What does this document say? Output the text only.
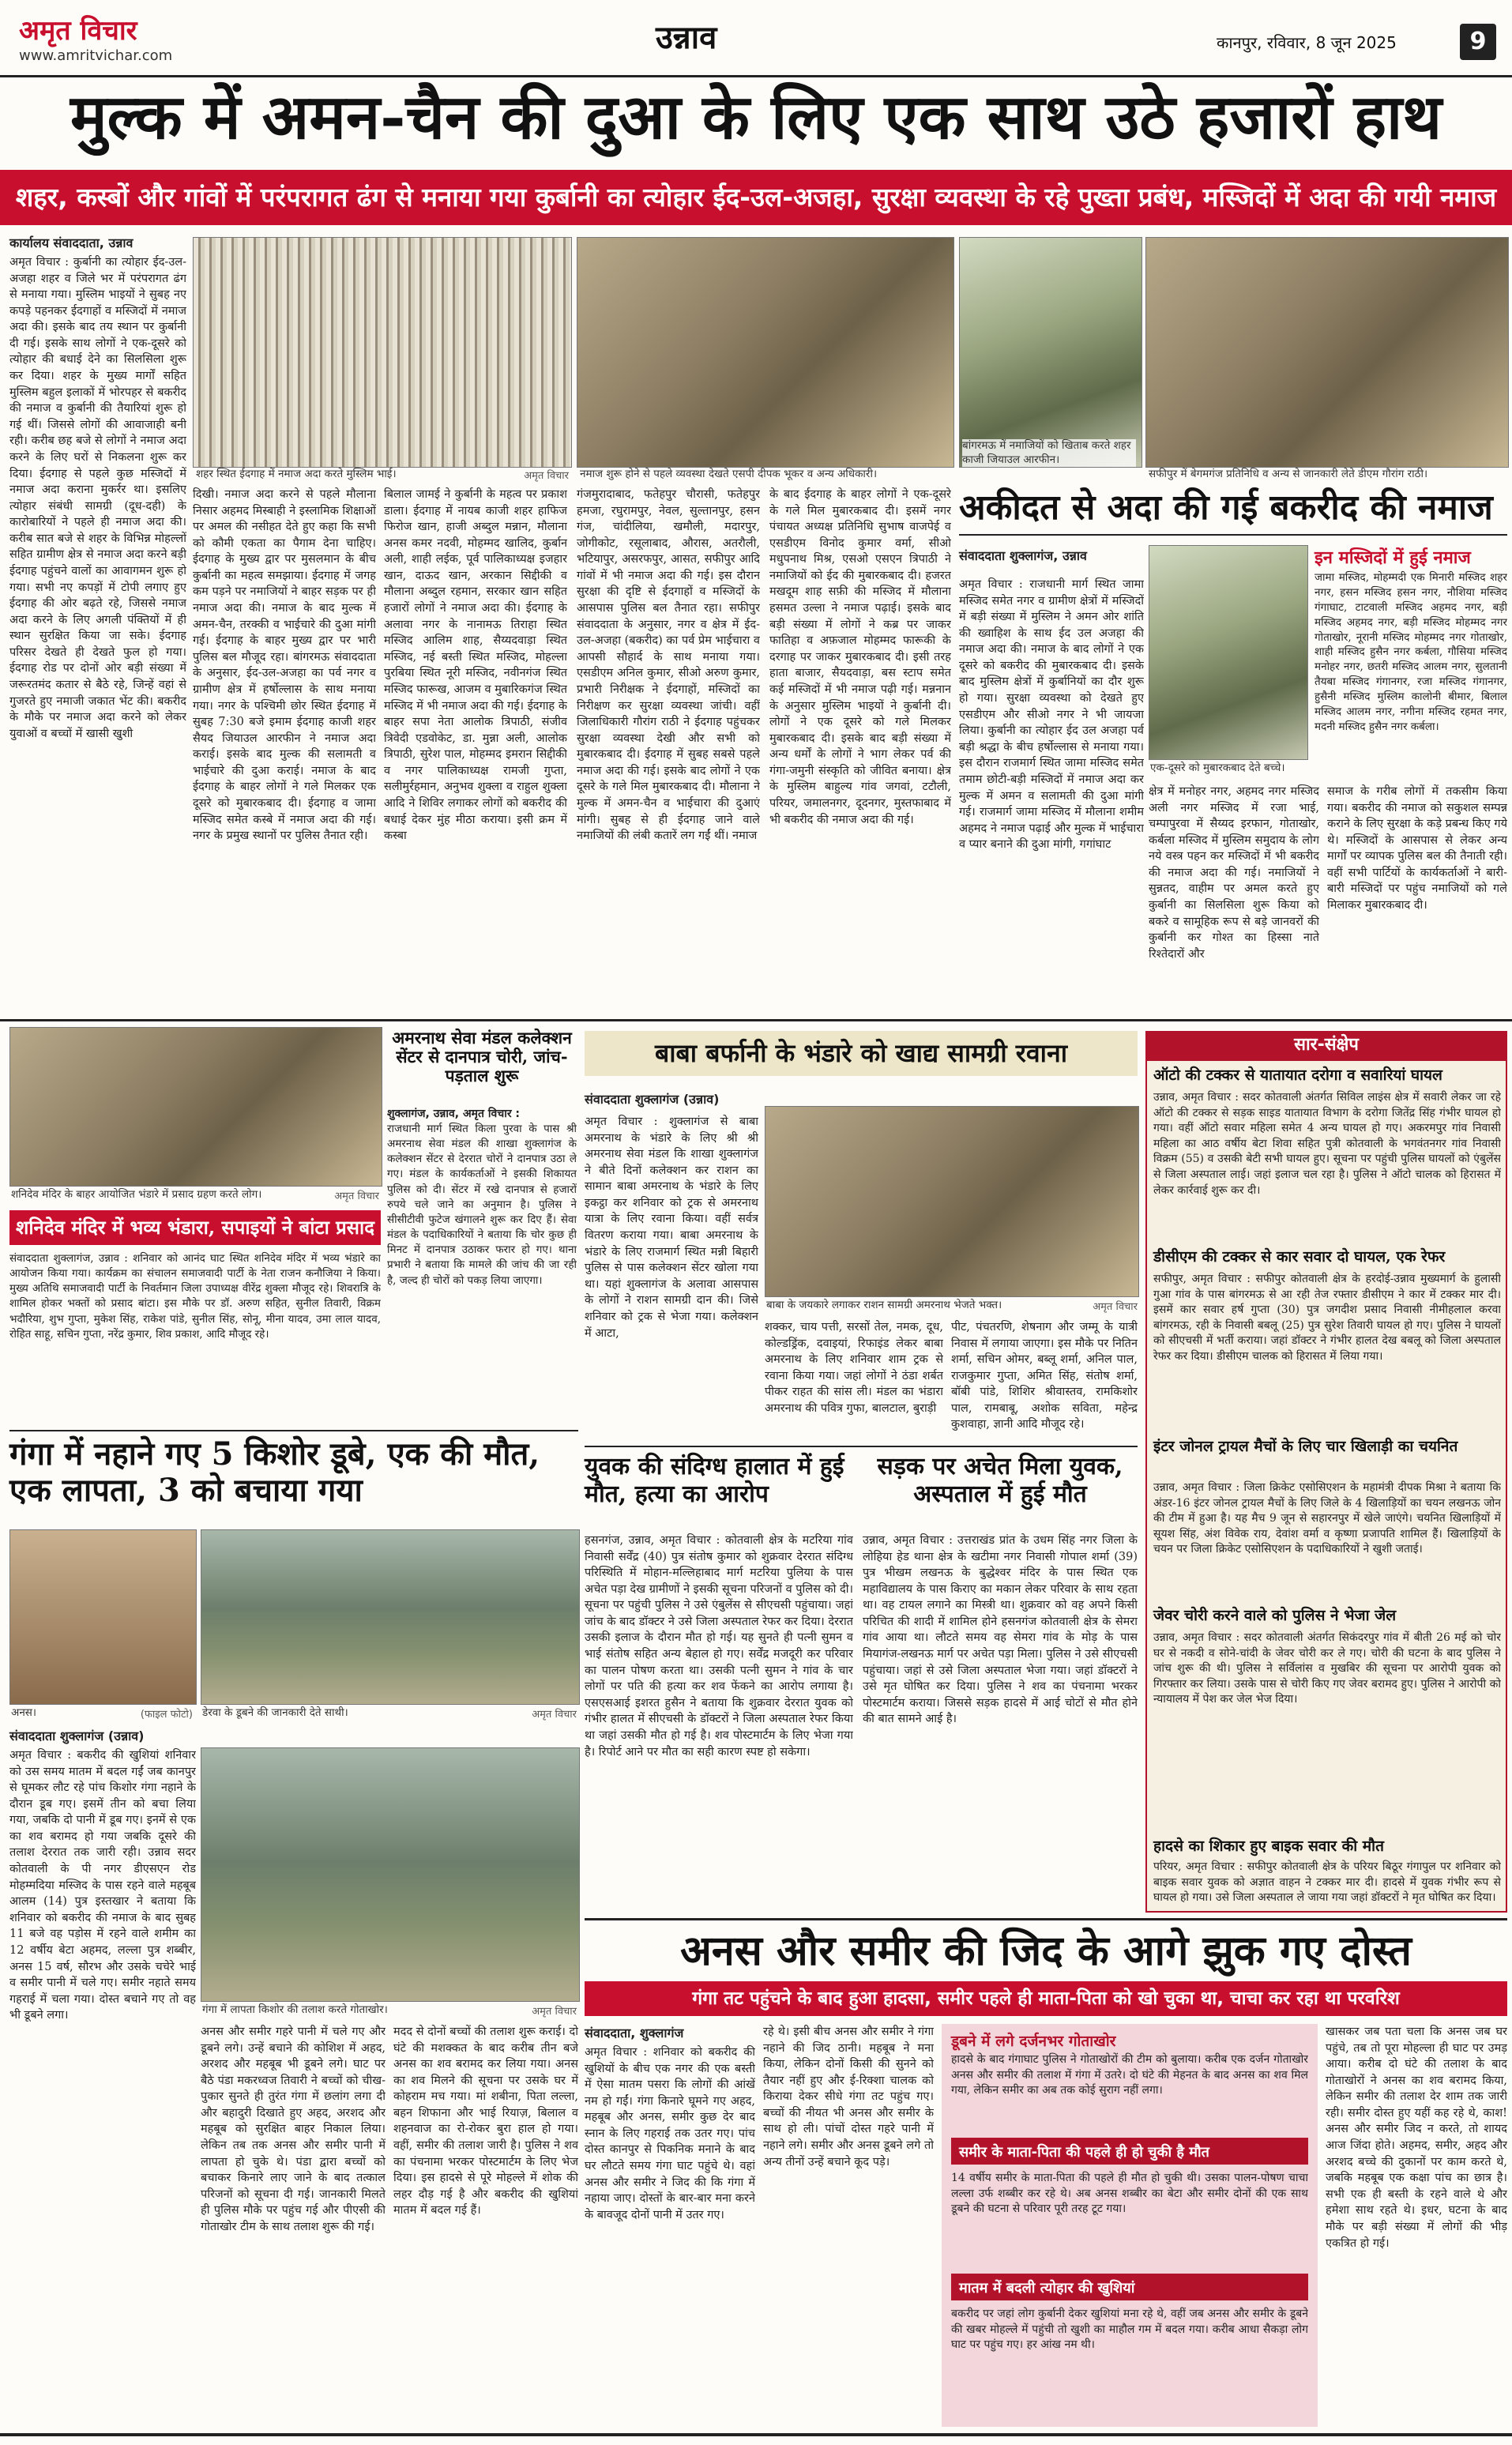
अमृत विचार
www.amritvichar.com	उन्नाव	कानपुर, रविवार, 8 जून 2025	9
मुल्क में अमन-चैन की दुआ के लिए एक साथ उठे हजारों हाथ
शहर, कस्बों और गांवों में परंपरागत ढंग से मनाया गया कुर्बानी का त्योहार ईद-उल-अजहा, सुरक्षा व्यवस्था के रहे पुख्ता प्रबंध, मस्जिदों में अदा की गयी नमाज
कार्यालय संवाददाता, उन्नाव
अमृत विचार : कुर्बानी का त्योहार ईद-उल-अजहा शहर व जिले भर में परंपरागत ढंग से मनाया गया। मुस्लिम भाइयों ने सुबह नए कपड़े पहनकर ईदगाहों व मस्जिदों में नमाज अदा की। इसके बाद तय स्थान पर कुर्बानी दी गई। इसके साथ लोगों ने एक-दूसरे को त्योहार की बधाई देने का सिलसिला शुरू कर दिया। शहर के मुख्य मार्गों सहित मुस्लिम बहुल इलाकों में भोरपहर से बकरीद की नमाज व कुर्बानी की तैयारियां शुरू हो गई थीं। जिससे लोगों की आवाजाही बनी रही। करीब छह बजे से लोगों ने नमाज अदा करने के लिए घरों से निकलना शुरू कर दिया। ईदगाह से पहले कुछ मस्जिदों में नमाज अदा कराना मुकर्रर था। इसलिए त्योहार संबंधी सामग्री (दूध-दही) के कारोबारियों ने पहले ही नमाज अदा की। करीब सात बजे से शहर के विभिन्न मोहल्लों सहित ग्रामीण क्षेत्र से नमाज अदा करने बड़ी ईदगाह पहुंचने वालों का आवागमन शुरू हो गया। सभी नए कपड़ों में टोपी लगाए हुए ईदगाह की ओर बढ़ते रहे, जिससे नमाज अदा करने के लिए अगली पंक्तियों में ही स्थान सुरक्षित किया जा सके। ईदगाह परिसर देखते ही देखते फुल हो गया। ईदगाह रोड पर दोनों ओर बड़ी संख्या में जरूरतमंद कतार से बैठे रहे, जिन्हें वहां से गुजरते हुए नमाजी जकात भेंट की। बकरीद के मौके पर नमाज अदा करने को लेकर युवाओं व बच्चों में खासी खुशी
शहर स्थित ईदगाह में नमाज अदा करते मुस्लिम भाई।	अमृत विचार नमाज शुरू होने से पहले व्यवस्था देखते एसपी दीपक भूकर व अन्य अधिकारी।
बांगरमऊ में नमाजियों को खिताब करते शहर काजी जियाउल आरफीन।
सफीपुर में बेगमगंज प्रतिनिधि व अन्य से जानकारी लेते डीएम गौरांग राठी।
दिखी। नमाज अदा करने से पहले मौलाना निसार अहमद मिस्बाही ने इस्लामिक शिक्षाओं पर अमल की नसीहत देते हुए कहा कि सभी को कौमी एकता का पैगाम देना चाहिए। ईदगाह के मुख्य द्वार पर मुसलमान के बीच कुर्बानी का महत्व समझाया। ईदगाह में जगह कम पड़ने पर नमाजियों ने बाहर सड़क पर ही नमाज अदा की। नमाज के बाद मुल्क में अमन-चैन, तरक्की व भाईचारे की दुआ मांगी गई। ईदगाह के बाहर मुख्य द्वार पर भारी पुलिस बल मौजूद रहा। बांगरमऊ संवाददाता के अनुसार, ईद-उल-अजहा का पर्व नगर व ग्रामीण क्षेत्र में हर्षोल्लास के साथ मनाया गया। नगर के पश्चिमी छोर स्थित ईदगाह में सुबह 7:30 बजे इमाम ईदगाह काजी शहर सैयद जियाउल आरफीन ने नमाज अदा कराई। इसके बाद मुल्क की सलामती व भाईचारे की दुआ कराई। नमाज के बाद ईदगाह के बाहर लोगों ने गले मिलकर एक दूसरे को मुबारकबाद दी। ईदगाह व जामा मस्जिद समेत कस्बे में नमाज अदा की गई। नगर के प्रमुख स्थानों पर पुलिस तैनात रही।
बिलाल जामई ने कुर्बानी के महत्व पर प्रकाश डाला। ईदगाह में नायब काजी शहर हाफिज फिरोज खान, हाजी अब्दुल मन्नान, मौलाना अनस कमर नदवी, मोहम्मद खालिद, कुर्बान अली, शाही लईक, पूर्व पालिकाध्यक्ष इजहार खान, दाऊद खान, अरकान सिद्दीकी व मौलाना अब्दुल रहमान, सरकार खान सहित हजारों लोगों ने नमाज अदा की। ईदगाह के अलावा नगर के नानामऊ तिराहा स्थित मस्जिद आलिम शाह, सैय्यदवाड़ा स्थित मस्जिद, नई बस्ती स्थित मस्जिद, मोहल्ला पुरबिया स्थित नूरी मस्जिद, नवीनगंज स्थित मस्जिद फारूख, आजम व मुबारिकगंज स्थित मस्जिद में भी नमाज अदा की गई। ईदगाह के बाहर सपा नेता आलोक त्रिपाठी, संजीव त्रिवेदी एडवोकेट, डा. मुन्ना अली, आलोक त्रिपाठी, सुरेश पाल, मोहम्मद इमरान सिद्दीकी व नगर पालिकाध्यक्ष रामजी गुप्ता, सलीमुर्रहमान, अनुभव शुक्ला व राहुल शुक्ला आदि ने शिविर लगाकर लोगों को बकरीद की बधाई देकर मुंह मीठा कराया। इसी क्रम में कस्बा
गंजमुरादाबाद, फतेहपुर चौरासी, फतेहपुर हमजा, रघुरामपुर, नेवल, सुल्तानपुर, हसन गंज, चांदीलिया, खमौली, मदारपुर, जोगीकोट, रसूलाबाद, औरास, अतरौली, भटियापुर, असरफपुर, आसत, सफीपुर आदि गांवों में भी नमाज अदा की गई। इस दौरान सुरक्षा की दृष्टि से ईदगाहों व मस्जिदों के आसपास पुलिस बल तैनात रहा। सफीपुर संवाददाता के अनुसार, नगर व क्षेत्र में ईद-उल-अजहा (बकरीद) का पर्व प्रेम भाईचारा व आपसी सौहार्द के साथ मनाया गया। एसडीएम अनिल कुमार, सीओ अरुण कुमार, प्रभारी निरीक्षक ने ईदगाहों, मस्जिदों का निरीक्षण कर सुरक्षा व्यवस्था जांची। वहीं जिलाधिकारी गौरांग राठी ने ईदगाह पहुंचकर सुरक्षा व्यवस्था देखी और सभी को मुबारकबाद दी। ईदगाह में सुबह सबसे पहले नमाज अदा की गई। इसके बाद लोगों ने एक दूसरे के गले मिल मुबारकबाद दी। मौलाना ने मुल्क में अमन-चैन व भाईचारा की दुआएं मांगी। सुबह से ही ईदगाह जाने वाले नमाजियों की लंबी कतारें लग गईं थीं। नमाज
के बाद ईदगाह के बाहर लोगों ने एक-दूसरे के गले मिल मुबारकबाद दी। इसमें नगर पंचायत अध्यक्ष प्रतिनिधि सुभाष वाजपेई व एसडीएम विनोद कुमार वर्मा, सीओ मधुपनाथ मिश्र, एसओ एसएन त्रिपाठी ने नमाजियों को ईद की मुबारकबाद दी। हजरत मखदूम शाह सफ़ी की मस्जिद में मौलाना हसमत उल्ला ने नमाज पढ़ाई। इसके बाद बड़ी संख्या में लोगों ने कब्र पर जाकर फातिहा व अफ़जाल मोहम्मद फारूकी के दरगाह पर जाकर मुबारकबाद दी। इसी तरह हाता बाजार, सैयदवाड़ा, बस स्टाप समेत कई मस्जिदों में भी नमाज पढ़ी गई। मन्ननान के अनुसार मुस्लिम भाइयों ने कुर्बानी दी। लोगों ने एक दूसरे को गले मिलकर मुबारकबाद दी। इसके बाद बड़ी संख्या में अन्य धर्मों के लोगों ने भाग लेकर पर्व की गंगा-जमुनी संस्कृति को जीवित बनाया। क्षेत्र के मुस्लिम बाहुल्य गांव जगवां, टटौली, परियर, जमालनगर, दूदनगर, मुस्तफाबाद में भी बकरीद की नमाज अदा की गई।
अकीदत से अदा की गई बकरीद की नमाज
संवाददाता शुक्लागंज, उन्नाव
अमृत विचार : राजधानी मार्ग स्थित जामा मस्जिद समेत नगर व ग्रामीण क्षेत्रों में मस्जिदों में बड़ी संख्या में मुस्लिम ने अमन ओर शांति की ख्वाहिश के साथ ईद उल अजहा की नमाज अदा की। नमाज के बाद लोगों ने एक दूसरे को बकरीद की मुबारकबाद दी। इसके बाद मुस्लिम क्षेत्रों में कुर्बानियों का दौर शुरू हो गया। सुरक्षा व्यवस्था को देखते हुए एसडीएम और सीओ नगर ने भी जायजा लिया। कुर्बानी का त्योहार ईद उल अजहा पर्व बड़ी श्रद्धा के बीच हर्षोल्लास से मनाया गया। इस दौरान राजमार्ग स्थित जामा मस्जिद समेत तमाम छोटी-बड़ी मस्जिदों में नमाज अदा कर मुल्क में अमन व सलामती की दुआ मांगी गई। राजमार्ग जामा मस्जिद में मौलाना शमीम अहमद ने नमाज पढ़ाई और मुल्क में भाईचारा व प्यार बनाने की दुआ मांगी, गगांघाट
एक-दूसरे को मुबारकबाद देते बच्चे।
इन मस्जिदों में हुई नमाज
जामा मस्जिद, मोहम्मदी एक मिनारी मस्जिद शहर नगर, हसन मस्जिद हसन नगर, नौशिया मस्जिद गंगाघाट, टाटवाली मस्जिद अहमद नगर, बड़ी मस्जिद अहमद नगर, बड़ी मस्जिद मोहम्मद नगर गोताखोर, नूरानी मस्जिद मोहम्मद नगर गोताखोर, शाही मस्जिद हुसैन नगर कर्बला, गौसिया मस्जिद मनोहर नगर, छतरी मस्जिद आलम नगर, सुलतानी तैयबा मस्जिद गंगानगर, रजा मस्जिद गंगानगर, हुसैनी मस्जिद मुस्लिम कालोनी बीमार, बिलाल मस्जिद आलम नगर, नगीना मस्जिद रहमत नगर, मदनी मस्जिद हुसैन नगर कर्बला।
क्षेत्र में मनोहर नगर, अहमद नगर मस्जिद अली नगर मस्जिद में रजा भाई, चम्पापुरवा में सैय्यद इरफान, गोताखोर, कर्बला मस्जिद में मुस्लिम समुदाय के लोग नये वस्त्र पहन कर मस्जिदों में भी बकरीद की नमाज अदा की गई। नमाजियों ने सुन्नतद, वाहीम पर अमल करते हुए कुर्बानी का सिलसिला शुरू किया को बकरे व सामूहिक रूप से बड़े जानवरों की कुर्बानी कर गोश्त का हिस्सा नाते रिश्तेदारों और
समाज के गरीब लोगों में तकसीम किया गया। बकरीद की नमाज को सकुशल सम्पन्न कराने के लिए सुरक्षा के कड़े प्रबन्ध किए गये थे। मस्जिदों के आसपास से लेकर अन्य मार्गों पर व्यापक पुलिस बल की तैनाती रही। वहीं सभी पार्टियों के कार्यकर्ताओं ने बारी-बारी मस्जिदों पर पहुंच नमाजियों को गले मिलाकर मुबारकबाद दी।
शनिदेव मंदिर के बाहर आयोजित भंडारे में प्रसाद ग्रहण करते लोग।	अमृत विचार
अमरनाथ सेवा मंडल कलेक्शन सेंटर से दानपात्र चोरी, जांच-पड़ताल शुरू
शुक्लागंज, उन्नाव, अमृत विचार :
राजधानी मार्ग स्थित किला पुरवा के पास श्री अमरनाथ सेवा मंडल की शाखा शुक्लागंज के कलेक्शन सेंटर से देररात चोरों ने दानपात्र उठा ले गए। मंडल के कार्यकर्ताओं ने इसकी शिकायत पुलिस को दी। सेंटर में रखे दानपात्र से हजारों रुपये चले जाने का अनुमान है। पुलिस ने सीसीटीवी फुटेज खंगालने शुरू कर दिए हैं। सेवा मंडल के पदाधिकारियों ने बताया कि चोर कुछ ही मिनट में दानपात्र उठाकर फरार हो गए। थाना प्रभारी ने बताया कि मामले की जांच की जा रही है, जल्द ही चोरों को पकड़ लिया जाएगा।
शनिदेव मंदिर में भव्य भंडारा, सपाइयों ने बांटा प्रसाद
संवाददाता शुक्लागंज, उन्नाव : शनिवार को आनंद घाट स्थित शनिदेव मंदिर में भव्य भंडारे का आयोजन किया गया। कार्यक्रम का संचालन समाजवादी पार्टी के नेता राजन कनौजिया ने किया। मुख्य अतिथि समाजवादी पार्टी के निवर्तमान जिला उपाध्यक्ष वीरेंद्र शुक्ला मौजूद रहे। शिवरात्रि के शामिल होकर भक्तों को प्रसाद बांटा। इस मौके पर डॉ. अरुण सहित, सुनील तिवारी, विक्रम भदौरिया, शुभ गुप्ता, मुकेश सिंह, राकेश पांडे, सुनील सिंह, सोनू, मीना यादव, उमा लाल यादव, रोहित साहू, सचिन गुप्ता, नरेंद्र कुमार, शिव प्रकाश, आदि मौजूद रहे।
गंगा में नहाने गए 5 किशोर डूबे, एक की मौत, एक लापता, 3 को बचाया गया
अनस।	(फाइल फोटो) डेरवा के डूबने की जानकारी देते साथी।	अमृत विचार
संवाददाता शुक्लागंज (उन्नाव)
अमृत विचार : बकरीद की खुशियां शनिवार को उस समय मातम में बदल गईं जब कानपुर से घूमकर लौट रहे पांच किशोर गंगा नहाने के दौरान डूब गए। इसमें तीन को बचा लिया गया, जबकि दो पानी में डूब गए। इनमें से एक का शव बरामद हो गया जबकि दूसरे की तलाश देररात तक जारी रही। उन्नाव सदर कोतवाली के पी नगर डीएसएन रोड मोहम्मदिया मस्जिद के पास रहने वाले महबूब आलम (14) पुत्र इस्तखार ने बताया कि शनिवार को बकरीद की नमाज के बाद सुबह 11 बजे वह पड़ोस में रहने वाले शमीम का 12 वर्षीय बेटा अहमद, लल्ला पुत्र शब्बीर, अनस 15 वर्ष, सौरभ और उसके चचेरे भाई व समीर पानी में चले गए। समीर नहाते समय गहराई में चला गया। दोस्त बचाने गए तो वह भी डूबने लगा।	गंगा में लापता किशोर की तलाश करते गोताखोर।	अमृत विचार
अनस और समीर गहरे पानी में चले गए और डूबने लगे। उन्हें बचाने की कोशिश में अहद, अरशद और महबूब भी डूबने लगे। घाट पर बैठे पंडा मकरध्वज तिवारी ने बच्चों को चीख-पुकार सुनते ही तुरंत गंगा में छलांग लगा दी और बहादुरी दिखाते हुए अहद, अरशद और महबूब को सुरक्षित बाहर निकाल लिया। लेकिन तब तक अनस और समीर पानी में लापता हो चुके थे। पंडा द्वारा बच्चों को बचाकर किनारे लाए जाने के बाद तत्काल परिजनों को सूचना दी गई। जानकारी मिलते ही पुलिस मौके पर पहुंच गई और पीएसी की गोताखोर टीम के साथ तलाश शुरू की गई।
मदद से दोनों बच्चों की तलाश शुरू कराई। दो घंटे की मशक्कत के बाद करीब तीन बजे अनस का शव बरामद कर लिया गया। अनस का शव मिलने की सूचना पर उसके घर में कोहराम मच गया। मां शबीना, पिता लल्ला, बहन शिफाना और भाई रियाज़, बिलाल व शहनवाज का रो-रोकर बुरा हाल हो गया। वहीं, समीर की तलाश जारी है। पुलिस ने शव का पंचनामा भरकर पोस्टमार्टम के लिए भेज दिया। इस हादसे से पूरे मोहल्ले में शोक की लहर दौड़ गई है और बकरीद की खुशियां मातम में बदल गई हैं।
बाबा बर्फानी के भंडारे को खाद्य सामग्री रवाना
संवाददाता शुक्लागंज (उन्नाव)
अमृत विचार : शुक्लागंज से बाबा अमरनाथ के भंडारे के लिए श्री श्री अमरनाथ सेवा मंडल कि शाखा शुक्लागंज ने बीते दिनों कलेक्शन कर राशन का सामान बाबा अमरनाथ के भंडारे के लिए इकट्ठा कर शनिवार को ट्रक से अमरनाथ यात्रा के लिए रवाना किया। वहीं सर्वत्र वितरण कराया गया। बाबा अमरनाथ के भंडारे के लिए राजमार्ग स्थित मन्नी बिहारी पुलिस से पास कलेक्शन सेंटर खोला गया था। यहां शुक्लागंज के अलावा आसपास के लोगों ने राशन सामग्री दान की। जिसे शनिवार को ट्रक से भेजा गया। कलेक्शन में आटा,
बाबा के जयकारे लगाकर राशन सामग्री अमरनाथ भेजते भक्त।	अमृत विचार
शक्कर, चाय पत्ती, सरसों तेल, नमक, दूध, कोल्डड्रिंक, दवाइयां, रिफाइंड लेकर बाबा अमरनाथ के लिए शनिवार शाम ट्रक से रवाना किया गया। जहां लोगों ने ठंडा शर्बत पीकर राहत की सांस ली। मंडल का भंडारा अमरनाथ की पवित्र गुफा, बालटाल, बुराड़ी
पीट, पंचतरणि, शेषनाग और जम्मू के यात्री निवास में लगाया जाएगा। इस मौके पर नितिन शर्मा, सचिन ओमर, बब्लू शर्मा, अनिल पाल, राजकुमार गुप्ता, अमित सिंह, संतोष शर्मा, बॉबी पांडे, शिशिर श्रीवास्तव, रामकिशोर पाल, रामबाबू, अशोक सविता, महेन्द्र कुशवाहा, ज्ञानी आदि मौजूद रहे।
युवक की संदिग्ध हालात में हुई मौत, हत्या का आरोप
हसनगंज, उन्नाव, अमृत विचार : कोतवाली क्षेत्र के मटरिया गांव निवासी सर्वेंद्र (40) पुत्र संतोष कुमार को शुक्रवार देररात संदिग्ध परिस्थिति में मोहान-मल्लिहाबाद मार्ग मटरिया पुलिया के पास अचेत पड़ा देख ग्रामीणों ने इसकी सूचना परिजनों व पुलिस को दी। सूचना पर पहुंची पुलिस ने उसे एंबुलेंस से सीएचसी पहुंचाया। जहां जांच के बाद डॉक्टर ने उसे जिला अस्पताल रेफर कर दिया। देररात उसकी इलाज के दौरान मौत हो गई। यह सुनते ही पत्नी सुमन व भाई संतोष सहित अन्य बेहाल हो गए। सर्वेंद्र मजदूरी कर परिवार का पालन पोषण करता था। उसकी पत्नी सुमन ने गांव के चार लोगों पर पति की हत्या कर शव फेंकने का आरोप लगाया है। एसएसआई इशरत हुसैन ने बताया कि शुक्रवार देररात युवक को गंभीर हालत में सीएचसी के डॉक्टरों ने जिला अस्पताल रेफर किया था जहां उसकी मौत हो गई है। शव पोस्टमार्टम के लिए भेजा गया है। रिपोर्ट आने पर मौत का सही कारण स्पष्ट हो सकेगा।
सड़क पर अचेत मिला युवक, अस्पताल में हुई मौत
उन्नाव, अमृत विचार : उत्तराखंड प्रांत के उधम सिंह नगर जिला के लोहिया हेड थाना क्षेत्र के खटीमा नगर निवासी गोपाल शर्मा (39) पुत्र भीखम लखनऊ के बुद्धेश्वर मंदिर के पास स्थित एक महाविद्यालय के पास किराए का मकान लेकर परिवार के साथ रहता था। वह टायल लगाने का मिस्त्री था। शुक्रवार को वह अपने किसी परिचित की शादी में शामिल होने हसनगंज कोतवाली क्षेत्र के सेमरा गांव आया था। लौटते समय वह सेमरा गांव के मोड़ के पास मियागंज-लखनऊ मार्ग पर अचेत पड़ा मिला। पुलिस ने उसे सीएचसी पहुंचाया। जहां से उसे जिला अस्पताल भेजा गया। जहां डॉक्टरों ने उसे मृत घोषित कर दिया। पुलिस ने शव का पंचनामा भरकर पोस्टमार्टम कराया। जिससे सड़क हादसे में आई चोटों से मौत होने की बात सामने आई है।
सार-संक्षेप
ऑटो की टक्कर से यातायात दरोगा व सवारियां घायल
उन्नाव, अमृत विचार : सदर कोतवाली अंतर्गत सिविल लाइंस क्षेत्र में सवारी लेकर जा रहे ऑटो की टक्कर से सड़क साइड यातायात विभाग के दरोगा जितेंद्र सिंह गंभीर घायल हो गया। वहीं ऑटो सवार महिला समेत 4 अन्य घायल हो गए। अकरमपुर गांव निवासी महिला का आठ वर्षीय बेटा शिवा सहित पुत्री कोतवाली के भगवंतनगर गांव निवासी विक्रम (55) व उसकी बेटी सभी घायल हुए। सूचना पर पहुंची पुलिस घायलों को एंबुलेंस से जिला अस्पताल लाई। जहां इलाज चल रहा है। पुलिस ने ऑटो चालक को हिरासत में लेकर कार्रवाई शुरू कर दी।
डीसीएम की टक्कर से कार सवार दो घायल, एक रेफर
सफीपुर, अमृत विचार : सफीपुर कोतवाली क्षेत्र के हरदोई-उन्नाव मुख्यमार्ग के हुलासी गुआ गांव के पास बांगरमऊ से आ रही तेज रफ्तार डीसीएम ने कार में टक्कर मार दी। इसमें कार सवार हर्ष गुप्ता (30) पुत्र जगदीश प्रसाद निवासी नीमीहलाल करवा बांगरमऊ, रही के निवासी बबलू (25) पुत्र सुरेश तिवारी घायल हो गए। पुलिस ने घायलों को सीएचसी में भर्ती कराया। जहां डॉक्टर ने गंभीर हालत देख बबलू को जिला अस्पताल रेफर कर दिया। डीसीएम चालक को हिरासत में लिया गया।
इंटर जोनल ट्रायल मैचों के लिए चार खिलाड़ी का चयनित
उन्नाव, अमृत विचार : जिला क्रिकेट एसोसिएशन के महामंत्री दीपक मिश्रा ने बताया कि अंडर-16 इंटर जोनल ट्रायल मैचों के लिए जिले के 4 खिलाड़ियों का चयन लखनऊ जोन की टीम में हुआ है। यह मैच 9 जून से सहारनपुर में खेले जाएंगे। चयनित खिलाड़ियों में सूयश सिंह, अंश विवेक राय, देवांश वर्मा व कृष्णा प्रजापति शामिल हैं। खिलाड़ियों के चयन पर जिला क्रिकेट एसोसिएशन के पदाधिकारियों ने खुशी जताई।
जेवर चोरी करने वाले को पुलिस ने भेजा जेल
उन्नाव, अमृत विचार : सदर कोतवाली अंतर्गत सिकंदरपुर गांव में बीती 26 मई को चोर घर से नकदी व सोने-चांदी के जेवर चोरी कर ले गए। चोरी की घटना के बाद पुलिस ने जांच शुरू की थी। पुलिस ने सर्विलांस व मुखबिर की सूचना पर आरोपी युवक को गिरफ्तार कर लिया। उसके पास से चोरी किए गए जेवर बरामद हुए। पुलिस ने आरोपी को न्यायालय में पेश कर जेल भेज दिया।
हादसे का शिकार हुए बाइक सवार की मौत
परियर, अमृत विचार : सफीपुर कोतवाली क्षेत्र के परियर बिठूर गंगापुल पर शनिवार को बाइक सवार युवक को अज्ञात वाहन ने टक्कर मार दी। हादसे में युवक गंभीर रूप से घायल हो गया। उसे जिला अस्पताल ले जाया गया जहां डॉक्टरों ने मृत घोषित कर दिया।
अनस और समीर की जिद के आगे झुक गए दोस्त
गंगा तट पहुंचने के बाद हुआ हादसा, समीर पहले ही माता-पिता को खो चुका था, चाचा कर रहा था परवरिश
संवाददाता, शुक्लागंज
अमृत विचार : शनिवार को बकरीद की खुशियों के बीच एक नगर की एक बस्ती में ऐसा मातम पसरा कि लोगों की आंखें नम हो गईं। गंगा किनारे घूमने गए अहद, महबूब और अनस, समीर कुछ देर बाद स्नान के लिए गहराई तक उतर गए। पांच दोस्त कानपुर से पिकनिक मनाने के बाद घर लौटते समय गंगा घाट पहुंचे थे। वहां अनस और समीर ने जिद की कि गंगा में नहाया जाए। दोस्तों के बार-बार मना करने के बावजूद दोनों पानी में उतर गए।
रहे थे। इसी बीच अनस और समीर ने गंगा नहाने की जिद ठानी। महबूब ने मना किया, लेकिन दोनों किसी की सुनने को तैयार नहीं हुए और ई-रिक्शा चालक को किराया देकर सीधे गंगा तट पहुंच गए। बच्चों की नीयत भी अनस और समीर के साथ हो ली। पांचों दोस्त गहरे पानी में नहाने लगे। समीर और अनस डूबने लगे तो अन्य तीनों उन्हें बचाने कूद पड़े।
डूबने में लगे दर्जनभर गोताखोर
हादसे के बाद गंगाघाट पुलिस ने गोताखोरों की टीम को बुलाया। करीब एक दर्जन गोताखोर अनस और समीर की तलाश में गंगा में उतरे। दो घंटे की मेहनत के बाद अनस का शव मिल गया, लेकिन समीर का अब तक कोई सुराग नहीं लगा।
समीर के माता-पिता की पहले ही हो चुकी है मौत
14 वर्षीय समीर के माता-पिता की पहले ही मौत हो चुकी थी। उसका पालन-पोषण चाचा लल्ला उर्फ शब्बीर कर रहे थे। अब अनस शब्बीर का बेटा और समीर दोनों की एक साथ डूबने की घटना से परिवार पूरी तरह टूट गया।
मातम में बदली त्योहार की खुशियां
बकरीद पर जहां लोग कुर्बानी देकर खुशियां मना रहे थे, वहीं जब अनस और समीर के डूबने की खबर मोहल्ले में पहुंची तो खुशी का माहौल गम में बदल गया। करीब आधा सैकड़ा लोग घाट पर पहुंच गए। हर आंख नम थी।
खासकर जब पता चला कि अनस जब घर पहुंचे, तब तो पूरा मोहल्ला ही घाट पर उमड़ आया। करीब दो घंटे की तलाश के बाद गोताखोरों ने अनस का शव बरामद किया, लेकिन समीर की तलाश देर शाम तक जारी रही। समीर दोस्त हुए यहीं कह रहे थे, काश! अनस और समीर जिद न करते, तो शायद आज जिंदा होते। अहमद, समीर, अहद और अरशद बच्चे की दुकानों पर काम करते थे, जबकि महबूब एक कक्षा पांच का छात्र है। सभी एक ही बस्ती के रहने वाले थे और हमेशा साथ रहते थे। इधर, घटना के बाद मौके पर बड़ी संख्या में लोगों की भीड़ एकत्रित हो गई।
